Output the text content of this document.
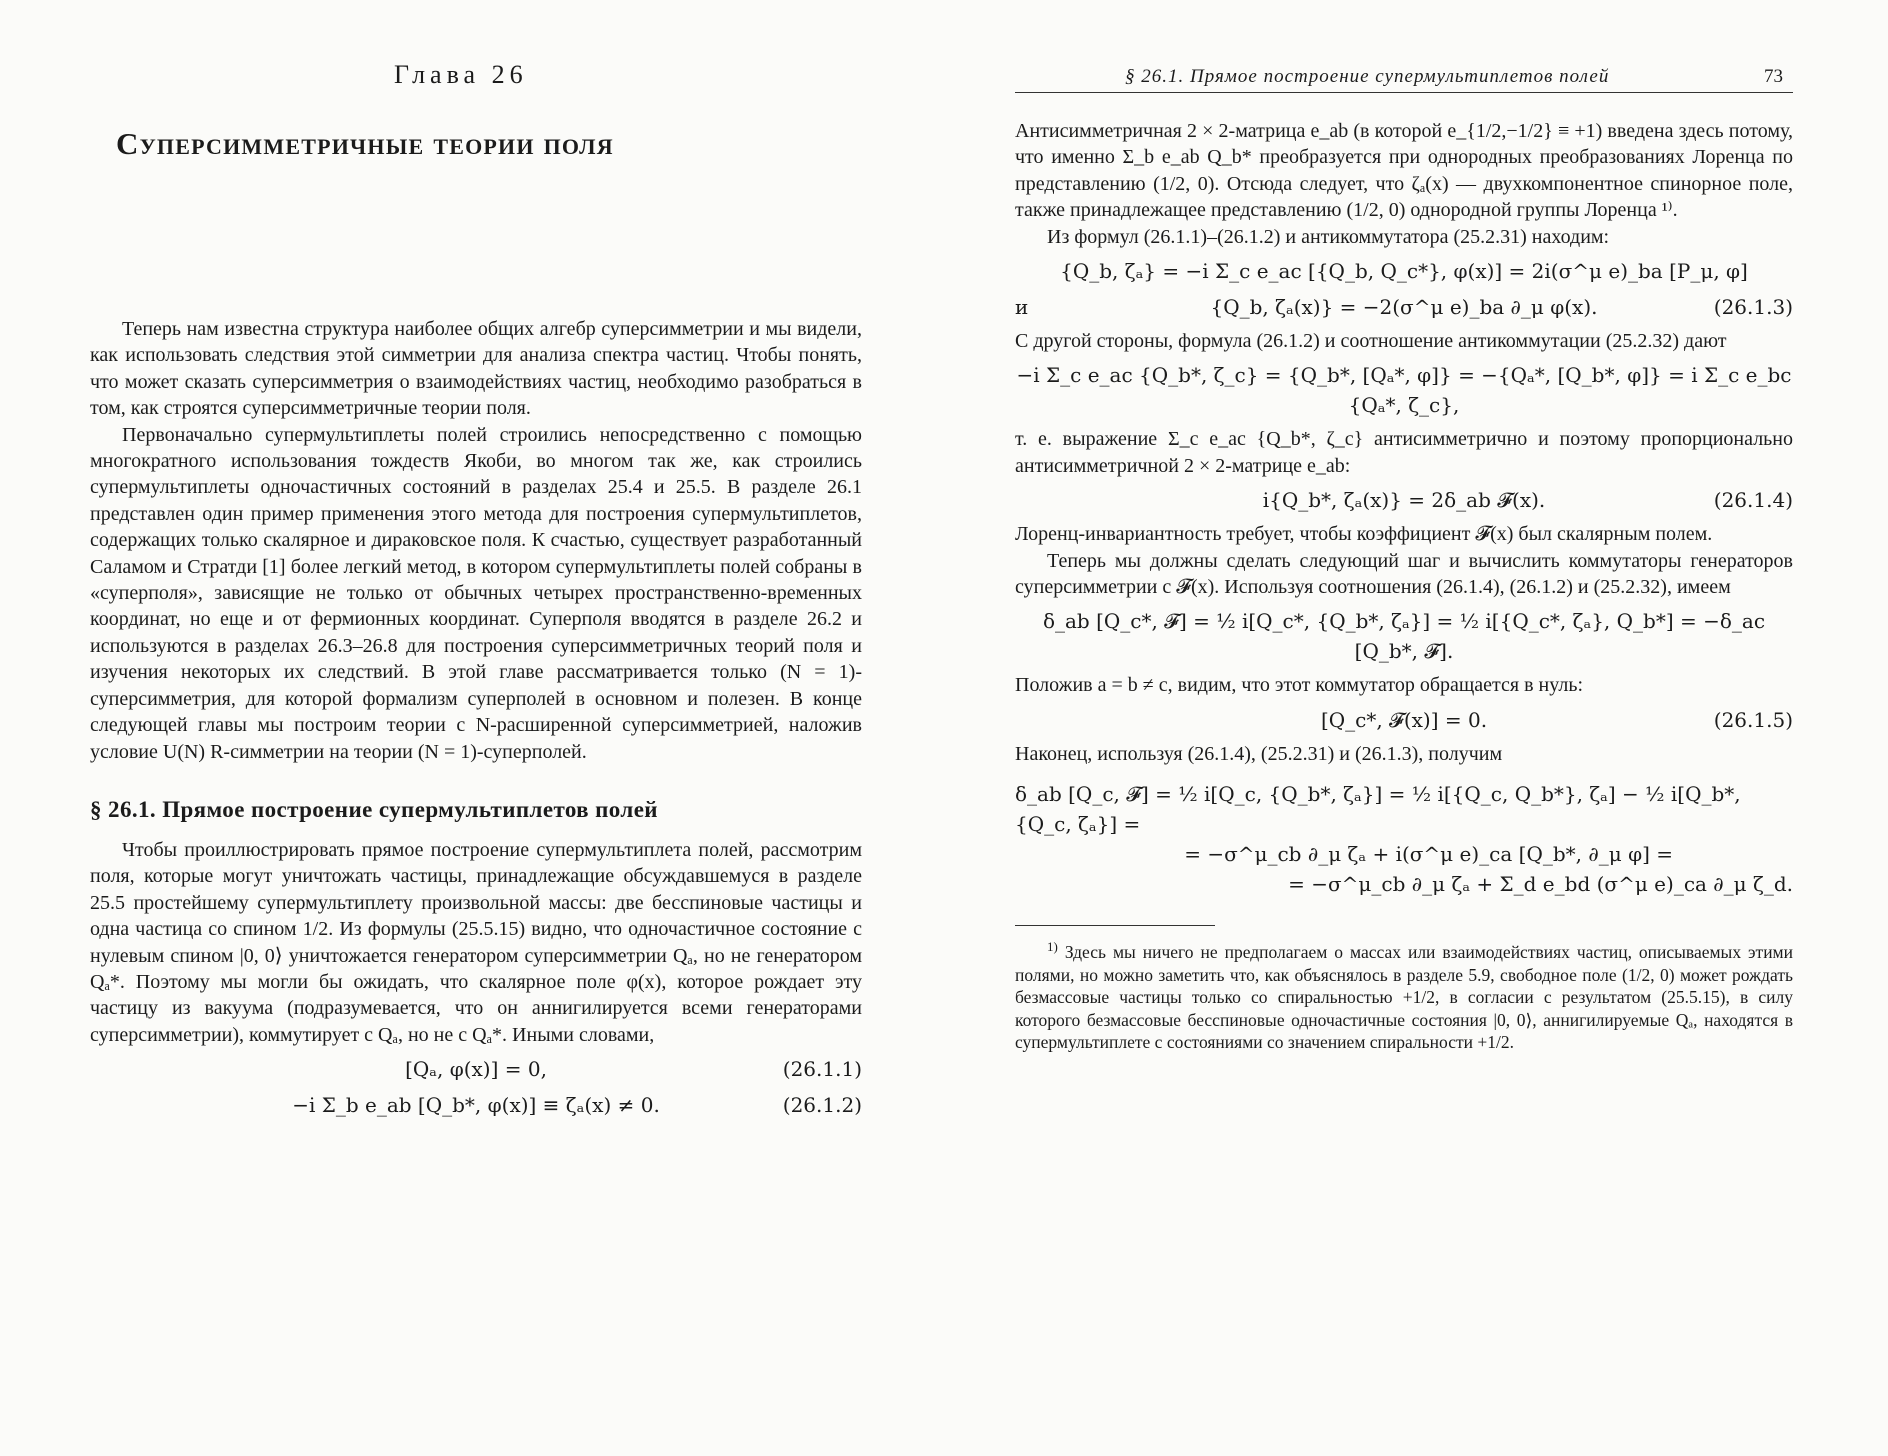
Глава 26
Суперсимметричные теории поля

Теперь нам известна структура наиболее общих алгебр суперсимметрии и мы видели, как использовать следствия этой симметрии для анализа спектра частиц. Чтобы понять, что может сказать суперсимметрия о взаимодействиях частиц, необходимо разобраться в том, как строятся суперсимметричные теории поля.

Первоначально супермультиплеты полей строились непосредственно с помощью многократного использования тождеств Якоби, во многом так же, как строились супермультиплеты одночастичных состояний в разделах 25.4 и 25.5. В разделе 26.1 представлен один пример применения этого метода для построения супермультиплетов, содержащих только скалярное и дираковское поля. К счастью, существует разработанный Саламом и Стратди [1] более легкий метод, в котором супермультиплеты полей собраны в «суперполя», зависящие не только от обычных четырех пространственно-временных координат, но еще и от фермионных координат. Суперполя вводятся в разделе 26.2 и используются в разделах 26.3–26.8 для построения суперсимметричных теорий поля и изучения некоторых их следствий. В этой главе рассматривается только (N = 1)-суперсимметрия, для которой формализм суперполей в основном и полезен. В конце следующей главы мы построим теории с N-расширенной суперсимметрией, наложив условие U(N) R-симметрии на теории (N = 1)-суперполей.

§ 26.1. Прямое построение супермультиплетов полей

Чтобы проиллюстрировать прямое построение супермультиплета полей, рассмотрим поля, которые могут уничтожать частицы, принадлежащие обсуждавшемуся в разделе 25.5 простейшему супермультиплету произвольной массы: две бесспиновые частицы и одна частица со спином 1/2. Из формулы (25.5.15) видно, что одночастичное состояние с нулевым спином |0, 0⟩ уничтожается генератором суперсимметрии Qₐ, но не генератором Qₐ*. Поэтому мы могли бы ожидать, что скалярное поле φ(x), которое рождает эту частицу из вакуума (подразумевается, что он аннигилируется всеми генераторами суперсимметрии), коммутирует с Qₐ, но не с Qₐ*. Иными словами,

[Qₐ, φ(x)] = 0,	(26.1.1)
−i Σ_b e_ab [Q_b*, φ(x)] ≡ ζₐ(x) ≠ 0.	(26.1.2)
§ 26.1. Прямое построение супермультиплетов полей	73

Антисимметричная 2 × 2-матрица e_ab (в которой e_{1/2,−1/2} ≡ +1) введена здесь потому, что именно Σ_b e_ab Q_b* преобразуется при однородных преобразованиях Лоренца по представлению (1/2, 0). Отсюда следует, что ζₐ(x) — двухкомпонентное спинорное поле, также принадлежащее представлению (1/2, 0) однородной группы Лоренца ¹⁾.

Из формул (26.1.1)–(26.1.2) и антикоммутатора (25.2.31) находим:

{Q_b, ζₐ} = −i Σ_c e_ac [{Q_b, Q_c*}, φ(x)] = 2i(σ^μ e)_ba [P_μ, φ]
и	{Q_b, ζₐ(x)} = −2(σ^μ e)_ba ∂_μ φ(x).	(26.1.3)

С другой стороны, формула (26.1.2) и соотношение антикоммутации (25.2.32) дают

−i Σ_c e_ac {Q_b*, ζ_c} = {Q_b*, [Qₐ*, φ]} = −{Qₐ*, [Q_b*, φ]} = i Σ_c e_bc {Qₐ*, ζ_c},

т. е. выражение Σ_c e_ac {Q_b*, ζ_c} антисимметрично и поэтому пропорционально антисимметричной 2 × 2-матрице e_ab:

i{Q_b*, ζₐ(x)} = 2δ_ab 𝓕(x).	(26.1.4)

Лоренц-инвариантность требует, чтобы коэффициент 𝓕(x) был скалярным полем.

Теперь мы должны сделать следующий шаг и вычислить коммутаторы генераторов суперсимметрии с 𝓕(x). Используя соотношения (26.1.4), (26.1.2) и (25.2.32), имеем

δ_ab [Q_c*, 𝓕] = ½ i[Q_c*, {Q_b*, ζₐ}] = ½ i[{Q_c*, ζₐ}, Q_b*] = −δ_ac [Q_b*, 𝓕].

Положив a = b ≠ c, видим, что этот коммутатор обращается в нуль:

[Q_c*, 𝓕(x)] = 0.	(26.1.5)

Наконец, используя (26.1.4), (25.2.31) и (26.1.3), получим

δ_ab [Q_c, 𝓕] = ½ i[Q_c, {Q_b*, ζₐ}] = ½ i[{Q_c, Q_b*}, ζₐ] − ½ i[Q_b*, {Q_c, ζₐ}] =
= −σ^μ_cb ∂_μ ζₐ + i(σ^μ e)_ca [Q_b*, ∂_μ φ] =
= −σ^μ_cb ∂_μ ζₐ + Σ_d e_bd (σ^μ e)_ca ∂_μ ζ_d.

$^{1)}$ Здесь мы ничего не предполагаем о массах или взаимодействиях частиц, описываемых этими полями, но можно заметить что, как объяснялось в разделе 5.9, свободное поле (1/2, 0) может рождать безмассовые частицы только со спиральностью +1/2, в согласии с результатом (25.5.15), в силу которого безмассовые бесспиновые одночастичные состояния |0, 0⟩, аннигилируемые Qₐ, находятся в супермультиплете с состояниями со значением спиральности +1/2.
